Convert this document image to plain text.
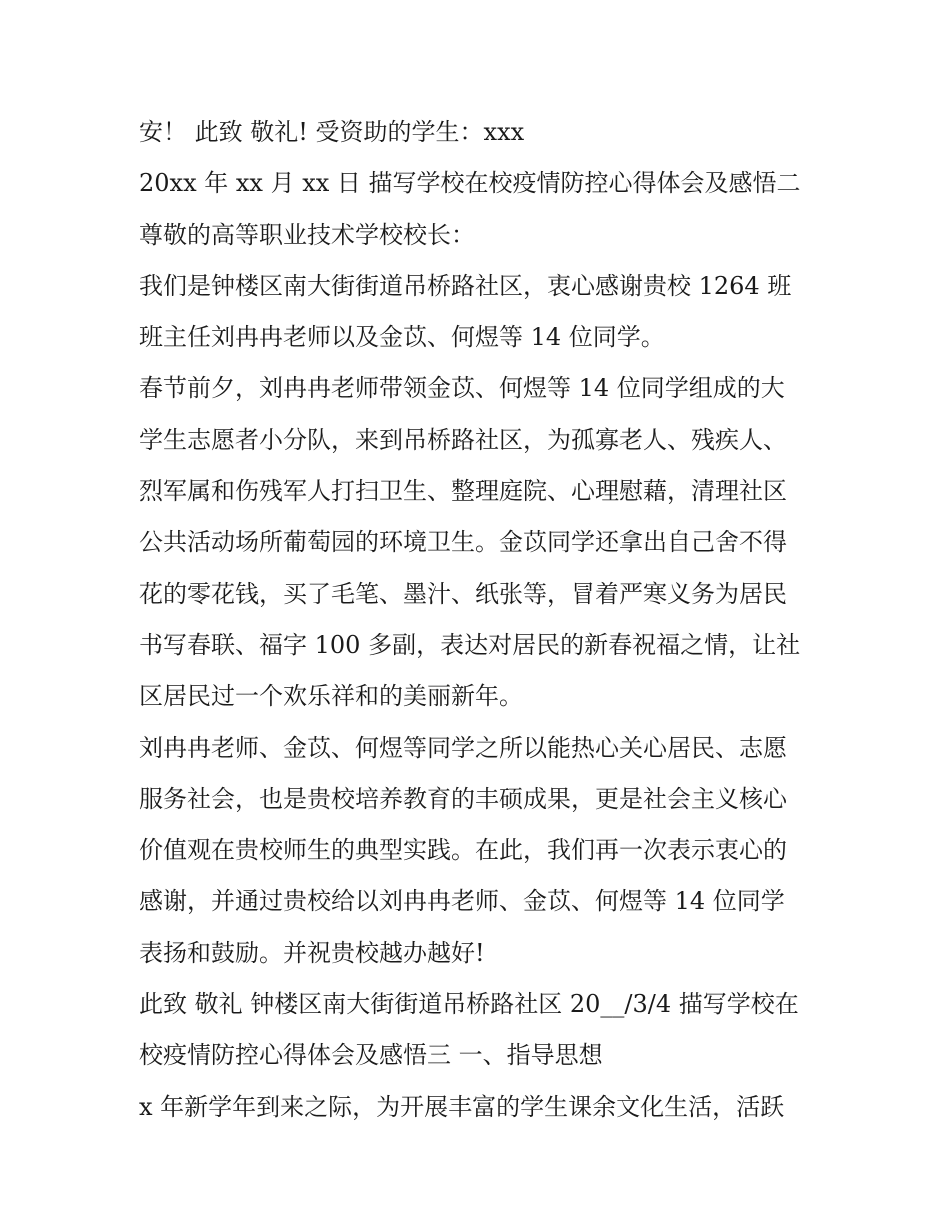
安！ 此致 敬礼! 受资助的学生：xxx
20xx 年 xx 月 xx 日 描写学校在校疫情防控心得体会及感悟二
尊敬的高等职业技术学校校长：
我们是钟楼区南大街街道吊桥路社区，衷心感谢贵校 1264 班
班主任刘冉冉老师以及金苡、何煜等 14 位同学。
春节前夕，刘冉冉老师带领金苡、何煜等 14 位同学组成的大
学生志愿者小分队，来到吊桥路社区，为孤寡老人、残疾人、
烈军属和伤残军人打扫卫生、整理庭院、心理慰藉，清理社区
公共活动场所葡萄园的环境卫生。金苡同学还拿出自己舍不得
花的零花钱，买了毛笔、墨汁、纸张等，冒着严寒义务为居民
书写春联、福字 100 多副，表达对居民的新春祝福之情，让社
区居民过一个欢乐祥和的美丽新年。
刘冉冉老师、金苡、何煜等同学之所以能热心关心居民、志愿
服务社会，也是贵校培养教育的丰硕成果，更是社会主义核心
价值观在贵校师生的典型实践。在此，我们再一次表示衷心的
感谢，并通过贵校给以刘冉冉老师、金苡、何煜等 14 位同学
表扬和鼓励。并祝贵校越办越好!
此致 敬礼 钟楼区南大街街道吊桥路社区 20__/3/4 描写学校在
校疫情防控心得体会及感悟三 一、指导思想
x 年新学年到来之际，为开展丰富的学生课余文化生活，活跃
